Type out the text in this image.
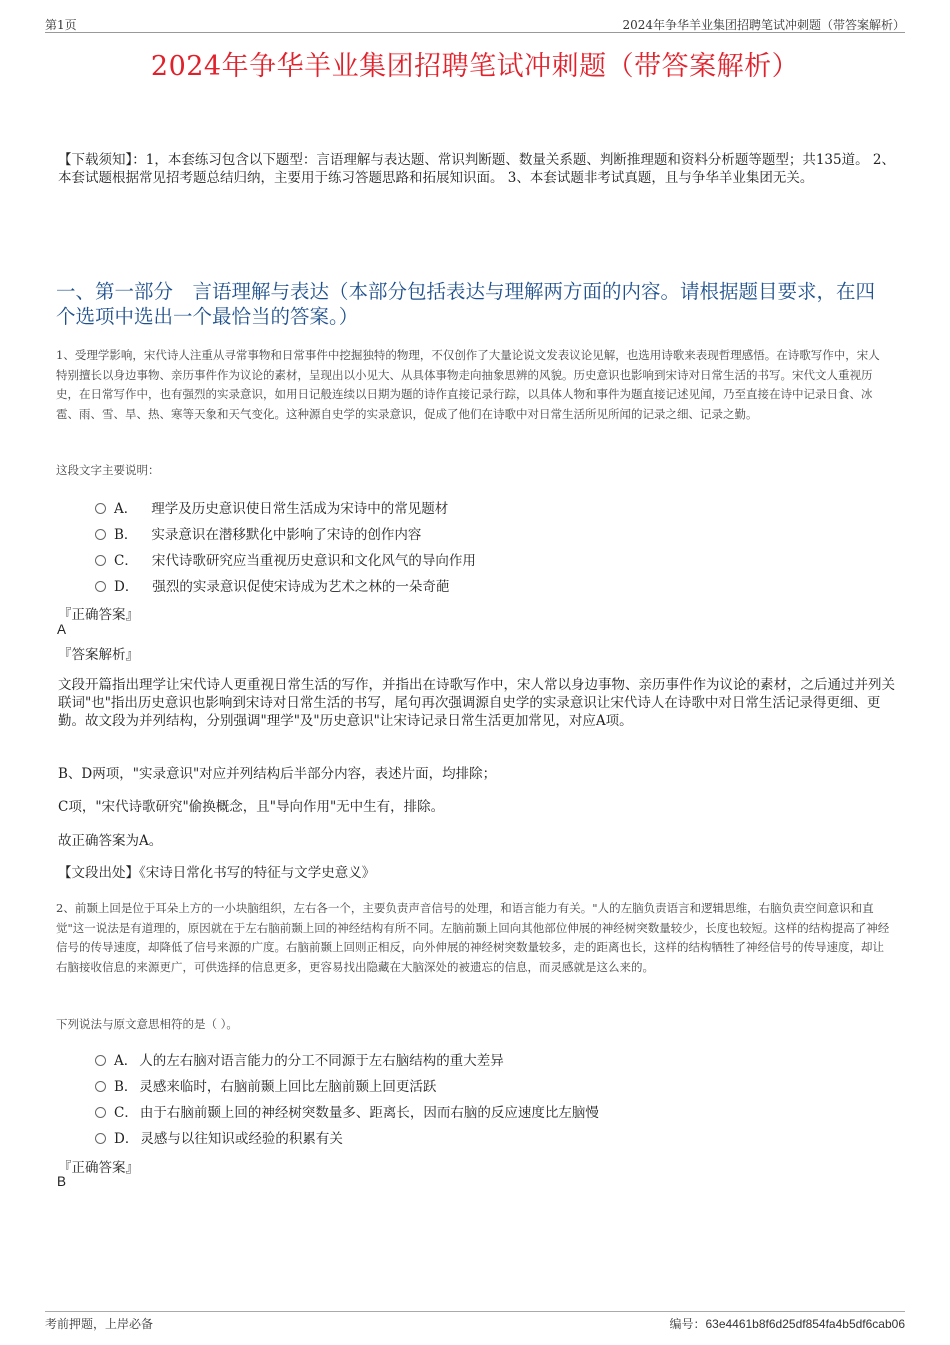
第1页	2024年争华羊业集团招聘笔试冲刺题（带答案解析）
2024年争华羊业集团招聘笔试冲刺题（带答案解析）
【下载须知】：1，本套练习包含以下题型：言语理解与表达题、常识判断题、数量关系题、判断推理题和资料分析题等题型；共135道。 2、本套试题根据常见招考题总结归纳，主要用于练习答题思路和拓展知识面。 3、本套试题非考试真题，且与争华羊业集团无关。
一、第一部分　言语理解与表达（本部分包括表达与理解两方面的内容。请根据题目要求，在四个选项中选出一个最恰当的答案。）
1、受理学影响，宋代诗人注重从寻常事物和日常事件中挖掘独特的物理，不仅创作了大量论说文发表议论见解，也选用诗歌来表现哲理感悟。在诗歌写作中，宋人特别擅长以身边事物、亲历事件作为议论的素材，呈现出以小见大、从具体事物走向抽象思辨的风貌。历史意识也影响到宋诗对日常生活的书写。宋代文人重视历史，在日常写作中，也有强烈的实录意识，如用日记般连续以日期为题的诗作直接记录行踪，以具体人物和事件为题直接记述见闻，乃至直接在诗中记录日食、冰雹、雨、雪、旱、热、寒等天象和天气变化。这种源自史学的实录意识，促成了他们在诗歌中对日常生活所见所闻的记录之细、记录之勤。
这段文字主要说明：
A． 理学及历史意识使日常生活成为宋诗中的常见题材
B． 实录意识在潜移默化中影响了宋诗的创作内容
C． 宋代诗歌研究应当重视历史意识和文化风气的导向作用
D． 强烈的实录意识促使宋诗成为艺术之林的一朵奇葩
『正确答案』
A
『答案解析』
文段开篇指出理学让宋代诗人更重视日常生活的写作，并指出在诗歌写作中，宋人常以身边事物、亲历事件作为议论的素材，之后通过并列关联词"也"指出历史意识也影响到宋诗对日常生活的书写，尾句再次强调源自史学的实录意识让宋代诗人在诗歌中对日常生活记录得更细、更勤。故文段为并列结构，分别强调"理学"及"历史意识"让宋诗记录日常生活更加常见，对应A项。
B、D两项，"实录意识"对应并列结构后半部分内容，表述片面，均排除；
C项，"宋代诗歌研究"偷换概念，且"导向作用"无中生有，排除。
故正确答案为A。
【文段出处】《宋诗日常化书写的特征与文学史意义》
2、前颞上回是位于耳朵上方的一小块脑组织，左右各一个，主要负责声音信号的处理，和语言能力有关。"人的左脑负责语言和逻辑思维，右脑负责空间意识和直觉"这一说法是有道理的，原因就在于左右脑前颞上回的神经结构有所不同。左脑前颞上回向其他部位伸展的神经树突数量较少，长度也较短。这样的结构提高了神经信号的传导速度，却降低了信号来源的广度。右脑前颞上回则正相反，向外伸展的神经树突数量较多，走的距离也长，这样的结构牺牲了神经信号的传导速度，却让右脑接收信息的来源更广，可供选择的信息更多，更容易找出隐藏在大脑深处的被遗忘的信息，而灵感就是这么来的。
下列说法与原文意思相符的是（ ）。
A． 人的左右脑对语言能力的分工不同源于左右脑结构的重大差异
B． 灵感来临时，右脑前颞上回比左脑前颞上回更活跃
C． 由于右脑前颞上回的神经树突数量多、距离长，因而右脑的反应速度比左脑慢
D． 灵感与以往知识或经验的积累有关
『正确答案』
B
考前押题，上岸必备	编号：63e4461b8f6d25df854fa4b5df6cab06
